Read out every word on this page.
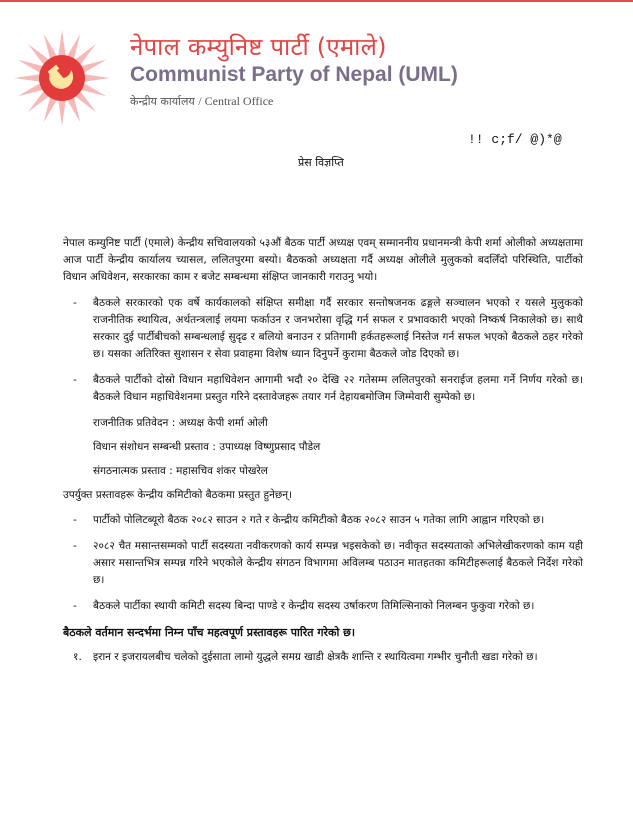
नेपाल कम्युनिष्ट पार्टी (एमाले)
Communist Party of Nepal (UML)
केन्द्रीय कार्यालय / Central Office
!! c;f/ @)*@
प्रेस विज्ञप्ति

नेपाल कम्युनिष्ट पार्टी (एमाले) केन्द्रीय सचिवालयको ५३औं बैठक पार्टी अध्यक्ष एवम् सम्माननीय प्रधानमन्त्री केपी शर्मा ओलीको अध्यक्षतामा आज पार्टी केन्द्रीय कार्यालय च्यासल, ललितपुरमा बस्यो। बैठकको अध्यक्षता गर्दै अध्यक्ष ओलीले मुलुकको बदलिँदो परिस्थिति, पार्टीको विधान अधिवेशन, सरकारका काम र बजेट सम्बन्धमा संक्षिप्त जानकारी गराउनु भयो।

-	बैठकले सरकारको एक वर्षे कार्यकालको संक्षिप्त समीक्षा गर्दै सरकार सन्तोषजनक ढङ्गले सञ्चालन भएको र यसले मुलुकको राजनीतिक स्थायित्व, अर्थतन्त्रलाई लयमा फर्काउन र जनभरोसा वृद्धि गर्न सफल र प्रभावकारी भएको निष्कर्ष निकालेको छ। साथै सरकार दुई पार्टीबीचको सम्बन्धलाई सुदृढ र बलियो बनाउन र प्रतिगामी हर्कतहरूलाई निस्तेज गर्न सफल भएको बैठकले ठहर गरेको छ। यसका अतिरिक्त सुशासन र सेवा प्रवाहमा विशेष ध्यान दिनुपर्ने कुरामा बैठकले जोड दिएको छ।
-	बैठकले पार्टीको दोस्रो विधान महाधिवेशन आगामी भदौ २० देखि २२ गतेसम्म ललितपुरको सनराईज हलमा गर्ने निर्णय गरेको छ। बैठकले विधान महाधिवेशनमा प्रस्तुत गरिने दस्तावेजहरू तयार गर्न देहायबमोजिम जिम्मेवारी सुम्पेको छ।

राजनीतिक प्रतिवेदन : अध्यक्ष केपी शर्मा ओली

विधान संशोधन सम्बन्धी प्रस्ताव : उपाध्यक्ष विष्णुप्रसाद पौडेल

संगठनात्मक प्रस्ताव : महासचिव शंकर पोखरेल

उपर्युक्त प्रस्तावहरू केन्द्रीय कमिटीको बैठकमा प्रस्तुत हुनेछन्।

-	पार्टीको पोलिटब्यूरो बैठक २०८२ साउन २ गते र केन्द्रीय कमिटीको बैठक २०८२ साउन ५ गतेका लागि आह्वान गरिएको छ।
-	२०८२ चैत मसान्तसम्मको पार्टी सदस्यता नवीकरणको कार्य सम्पन्न भइसकेको छ। नवीकृत सदस्यताको अभिलेखीकरणको काम यही असार मसान्तभित्र सम्पन्न गरिने भएकोले केन्द्रीय संगठन विभागमा अविलम्ब पठाउन मातहतका कमिटीहरूलाई बैठकले निर्देश गरेको छ।
-	बैठकले पार्टीका स्थायी कमिटी सदस्य बिन्दा पाण्डे र केन्द्रीय सदस्य उर्षाकरण तिमिल्सिनाको निलम्बन फुकुवा गरेको छ।

बैठकले वर्तमान सन्दर्भमा निम्न पाँच महत्वपूर्ण प्रस्तावहरू पारित गरेको छ।

१.	इरान र इजरायलबीच चलेको दुईसाता लामो युद्धले समग्र खाडी क्षेत्रकै शान्ति र स्थायित्वमा गम्भीर चुनौती खडा गरेको छ।
